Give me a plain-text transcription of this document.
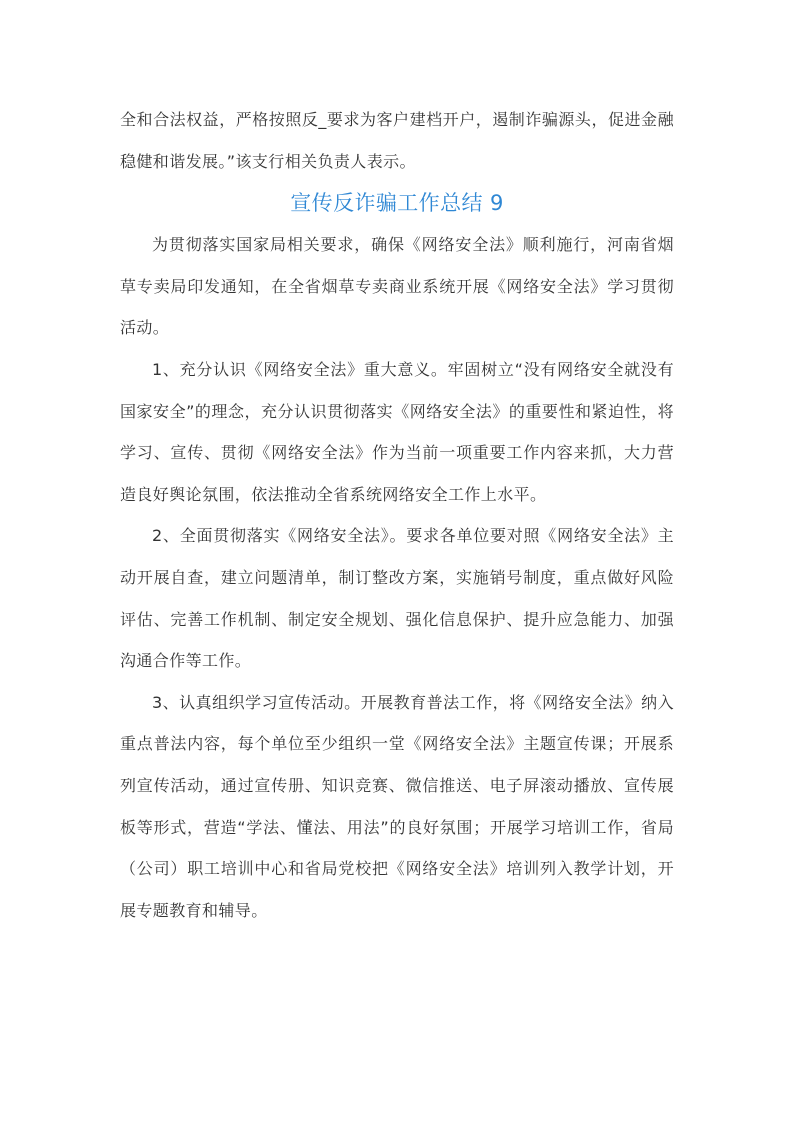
全和合法权益，严格按照反_要求为客户建档开户，遏制诈骗源头，促进金融稳健和谐发展。”该支行相关负责人表示。

宣传反诈骗工作总结 9

为贯彻落实国家局相关要求，确保《网络安全法》顺利施行，河南省烟草专卖局印发通知，在全省烟草专卖商业系统开展《网络安全法》学习贯彻活动。

1、充分认识《网络安全法》重大意义。牢固树立“没有网络安全就没有国家安全”的理念，充分认识贯彻落实《网络安全法》的重要性和紧迫性，将学习、宣传、贯彻《网络安全法》作为当前一项重要工作内容来抓，大力营造良好舆论氛围，依法推动全省系统网络安全工作上水平。

2、全面贯彻落实《网络安全法》。要求各单位要对照《网络安全法》主动开展自查，建立问题清单，制订整改方案，实施销号制度，重点做好风险评估、完善工作机制、制定安全规划、强化信息保护、提升应急能力、加强沟通合作等工作。

3、认真组织学习宣传活动。开展教育普法工作，将《网络安全法》纳入重点普法内容，每个单位至少组织一堂《网络安全法》主题宣传课；开展系列宣传活动，通过宣传册、知识竞赛、微信推送、电子屏滚动播放、宣传展板等形式，营造“学法、懂法、用法”的良好氛围；开展学习培训工作，省局（公司）职工培训中心和省局党校把《网络安全法》培训列入教学计划，开展专题教育和辅导。
